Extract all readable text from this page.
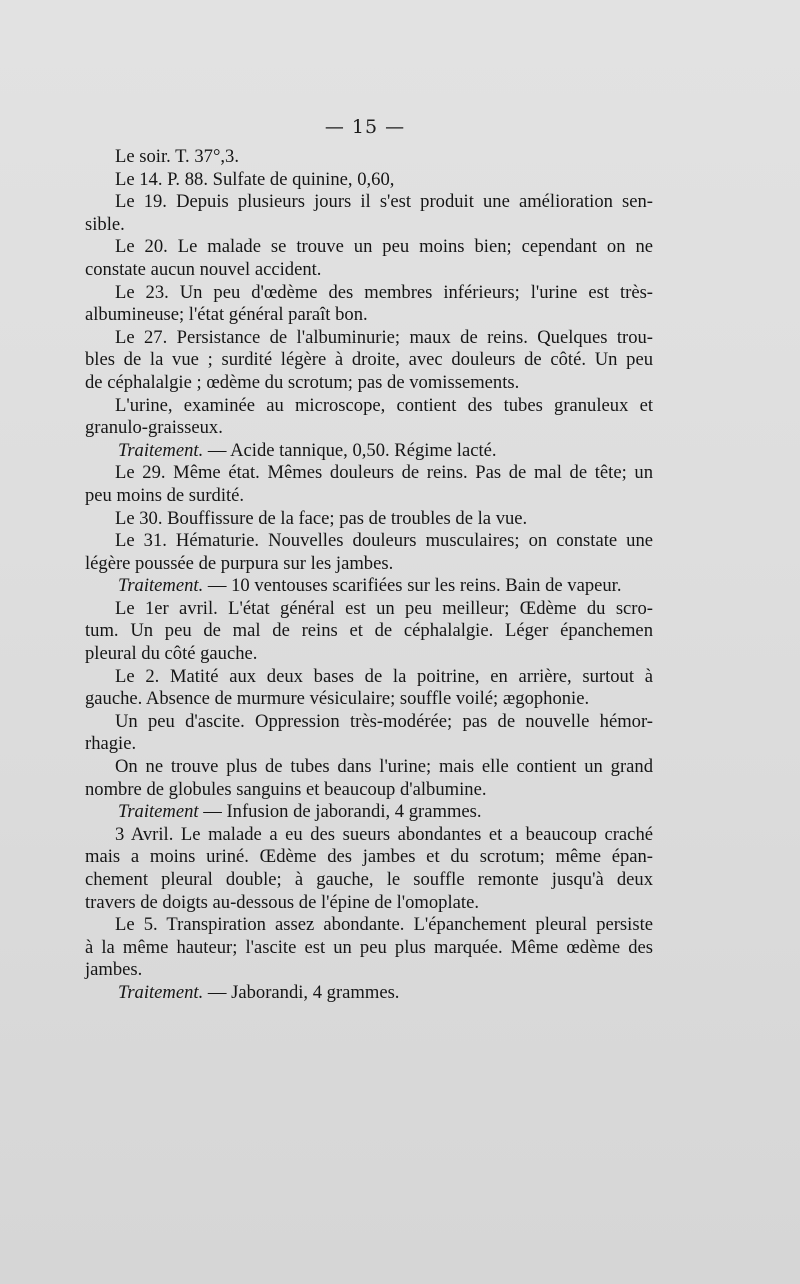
— 15 —
Le soir. T. 37°,3.
Le 14. P. 88. Sulfate de quinine, 0,60,
Le 19. Depuis plusieurs jours il s'est produit une amélioration sen-
sible.
Le 20. Le malade se trouve un peu moins bien; cependant on ne
constate aucun nouvel accident.
Le 23. Un peu d'œdème des membres inférieurs; l'urine est très-
albumineuse; l'état général paraît bon.
Le 27. Persistance de l'albuminurie; maux de reins. Quelques trou-
bles de la vue ; surdité légère à droite, avec douleurs de côté. Un peu
de céphalalgie ; œdème du scrotum; pas de vomissements.
L'urine, examinée au microscope, contient des tubes granuleux et
granulo-graisseux.
Traitement. — Acide tannique, 0,50. Régime lacté.
Le 29. Même état. Mêmes douleurs de reins. Pas de mal de tête; un
peu moins de surdité.
Le 30. Bouffissure de la face; pas de troubles de la vue.
Le 31. Hématurie. Nouvelles douleurs musculaires; on constate une
légère poussée de purpura sur les jambes.
Traitement. — 10 ventouses scarifiées sur les reins. Bain de vapeur.
Le 1er avril. L'état général est un peu meilleur; Œdème du scro-
tum. Un peu de mal de reins et de céphalalgie. Léger épanchemen
pleural du côté gauche.
Le 2. Matité aux deux bases de la poitrine, en arrière, surtout à
gauche. Absence de murmure vésiculaire; souffle voilé; ægophonie.
Un peu d'ascite. Oppression très-modérée; pas de nouvelle hémor-
rhagie.
On ne trouve plus de tubes dans l'urine; mais elle contient un grand
nombre de globules sanguins et beaucoup d'albumine.
Traitement — Infusion de jaborandi, 4 grammes.
3 Avril. Le malade a eu des sueurs abondantes et a beaucoup craché
mais a moins uriné. Œdème des jambes et du scrotum; même épan-
chement pleural double; à gauche, le souffle remonte jusqu'à deux
travers de doigts au-dessous de l'épine de l'omoplate.
Le 5. Transpiration assez abondante. L'épanchement pleural persiste
à la même hauteur; l'ascite est un peu plus marquée. Même œdème des
jambes.
Traitement. — Jaborandi, 4 grammes.
